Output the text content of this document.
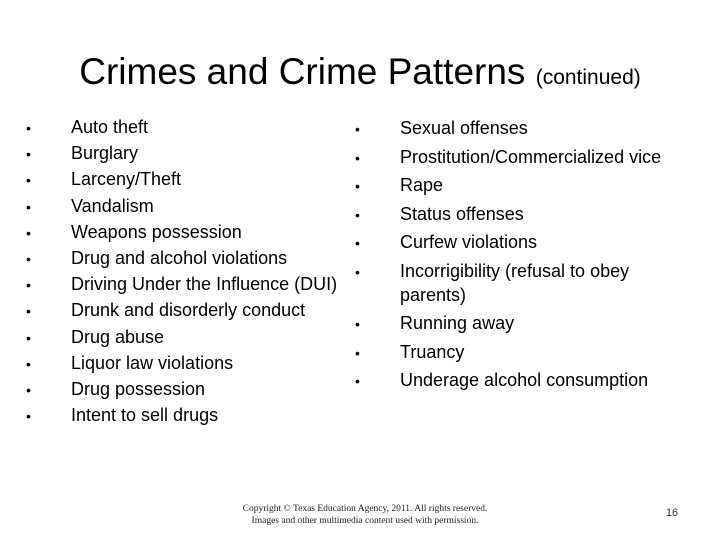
Crimes and Crime Patterns (continued)
•	Auto theft
•	Burglary
•	Larceny/Theft
•	Vandalism
•	Weapons possession
•	Drug and alcohol violations
•	Driving Under the Influence (DUI)
•	Drunk and disorderly conduct
•	Drug abuse
•	Liquor law violations
•	Drug possession
•	Intent to sell drugs
•	Sexual offenses
•	Prostitution/Commercialized vice
•	Rape
•	Status offenses
•	Curfew violations
•	Incorrigibility (refusal to obey parents)
•	Running away
•	Truancy
•	Underage alcohol consumption
Copyright © Texas Education Agency, 2011. All rights reserved.
Images and other multimedia content used with permission.
16
